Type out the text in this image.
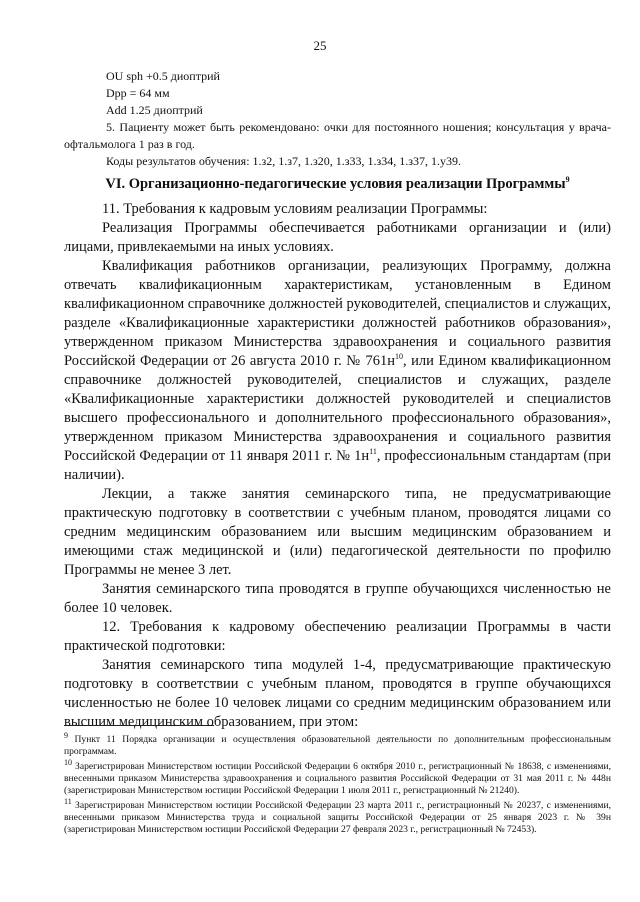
25

OU sph +0.5 диоптрий

Dpp = 64 мм

Add 1.25 диоптрий

5. Пациенту может быть рекомендовано: очки для постоянного ношения; консультация у врача-офтальмолога 1 раз в год.

Коды результатов обучения: 1.з2, 1.з7, 1.з20, 1.з33, 1.з34, 1.з37, 1.у39.

VI. Организационно-педагогические условия реализации Программы$^9$

11. Требования к кадровым условиям реализации Программы:

Реализация Программы обеспечивается работниками организации и (или) лицами, привлекаемыми на иных условиях.

Квалификация работников организации, реализующих Программу, должна отвечать квалификационным характеристикам, установленным в Едином квалификационном справочнике должностей руководителей, специалистов и служащих, разделе «Квалификационные характеристики должностей работников образования», утвержденном приказом Министерства здравоохранения и социального развития Российской Федерации от 26 августа 2010 г. № $761н^{10}$, или Едином квалификационном справочнике должностей руководителей, специалистов и служащих, разделе «Квалификационные характеристики должностей руководителей и специалистов высшего профессионального и дополнительного профессионального образования», утвержденном приказом Министерства здравоохранения и социального развития Российской Федерации от 11 января 2011 г. № $1н^{11}$, профессиональным стандартам (при наличии).

Лекции, а также занятия семинарского типа, не предусматривающие практическую подготовку в соответствии с учебным планом, проводятся лицами со средним медицинским образованием или высшим медицинским образованием и имеющими стаж медицинской и (или) педагогической деятельности по профилю Программы не менее 3 лет.

Занятия семинарского типа проводятся в группе обучающихся численностью не более 10 человек.

12. Требования к кадровому обеспечению реализации Программы в части практической подготовки:

Занятия семинарского типа модулей 1-4, предусматривающие практическую подготовку в соответствии с учебным планом, проводятся в группе обучающихся численностью не более 10 человек лицами со средним медицинским образованием или высшим медицинским образованием, при этом:

$^9$ Пункт 11 Порядка организации и осуществления образовательной деятельности по дополнительным профессиональным программам.

$^{10}$ Зарегистрирован Министерством юстиции Российской Федерации 6 октября 2010 г., регистрационный № 18638, с изменениями, внесенными приказом Министерства здравоохранения и социального развития Российской Федерации от 31 мая 2011 г. № 448н (зарегистрирован Министерством юстиции Российской Федерации 1 июля 2011 г., регистрационный № 21240).

$^{11}$ Зарегистрирован Министерством юстиции Российской Федерации 23 марта 2011 г., регистрационный № 20237, с изменениями, внесенными приказом Министерства труда и социальной защиты Российской Федерации от 25 января 2023 г. № 39н (зарегистрирован Министерством юстиции Российской Федерации 27 февраля 2023 г., регистрационный № 72453).
